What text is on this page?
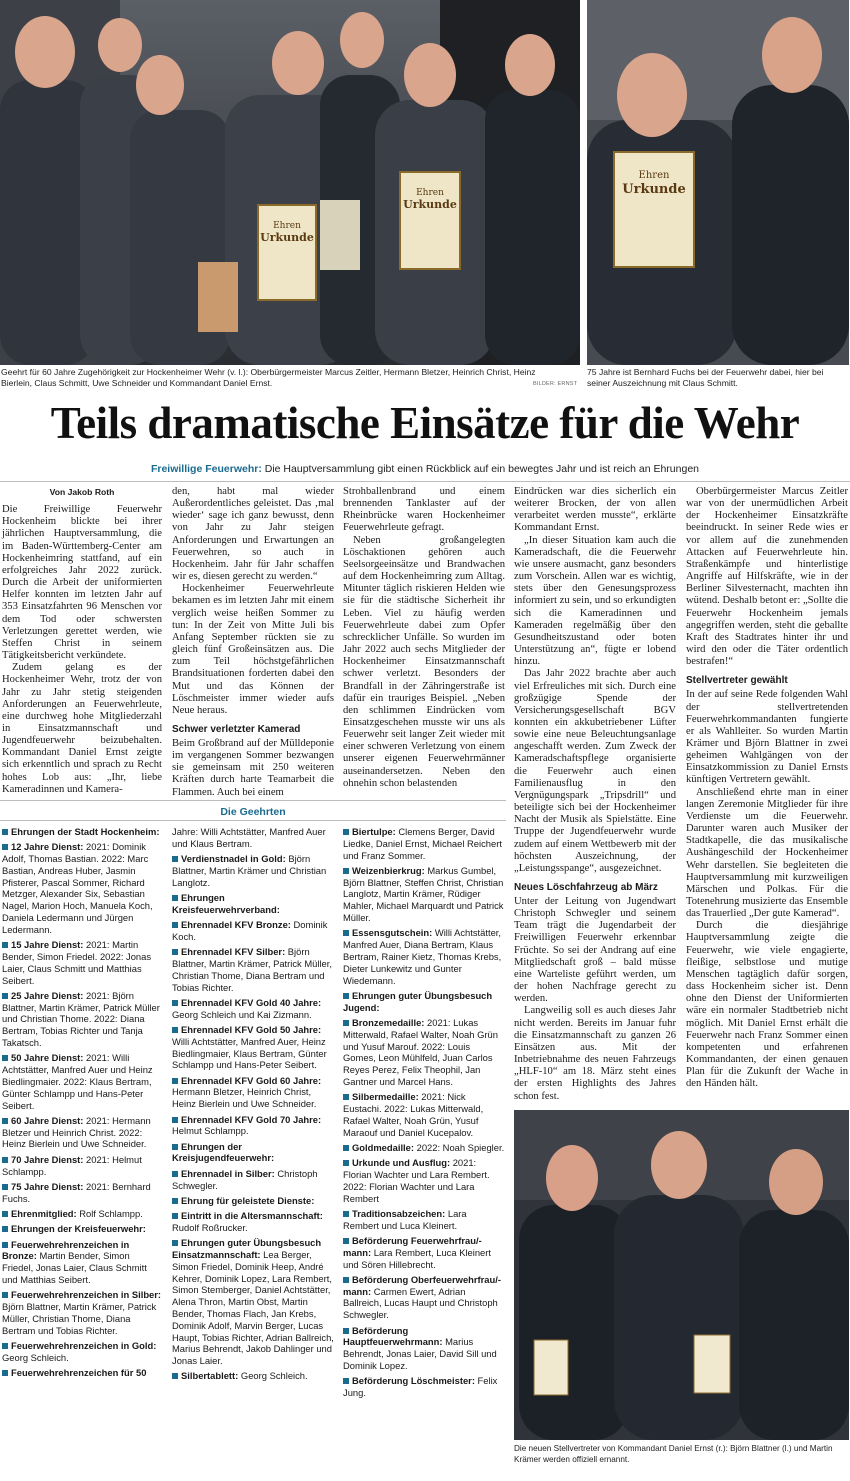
Ehren
Urkunde
Ehren
Urkunde
Geehrt für 60 Jahre Zugehörigkeit zur Hockenheimer Wehr (v. l.): Oberbürgermeister Marcus Zeitler, Hermann Bletzer, Heinrich Christ, Heinz Bierlein, Claus Schmitt, Uwe Schneider und Kommandant Daniel Ernst.	BILDER: ERNST
Ehren
Urkunde
75 Jahre ist Bernhard Fuchs bei der Feuerwehr dabei, hier bei seiner Auszeichnung mit Claus Schmitt.
Teils dramatische Einsätze für die Wehr
Freiwillige Feuerwehr: Die Hauptversammlung gibt einen Rückblick auf ein bewegtes Jahr und ist reich an Ehrungen
Von Jakob Roth

Die Freiwillige Feuerwehr Hockenheim blickte bei ihrer jährlichen Hauptversammlung, die im Baden-Württemberg-Center am Hockenheimring stattfand, auf ein erfolgreiches Jahr 2022 zurück. Durch die Arbeit der uniformierten Helfer konnten im letzten Jahr auf 353 Einsatzfahrten 96 Menschen vor dem Tod oder schwersten Verletzungen gerettet werden, wie Steffen Christ in seinem Tätigkeitsbericht verkündete.

Zudem gelang es der Hockenheimer Wehr, trotz der von Jahr zu Jahr stetig steigenden Anforderungen an Feuerwehrleute, eine durchweg hohe Mitgliederzahl in Einsatzmannschaft und Jugendfeuerwehr beizubehalten. Kommandant Daniel Ernst zeigte sich erkenntlich und sprach zu Recht hohes Lob aus: „Ihr, liebe Kameradinnen und Kamera-

den, habt mal wieder Außerordentliches geleistet. Das ‚mal wieder‘ sage ich ganz bewusst, denn von Jahr zu Jahr steigen Anforderungen und Erwartungen an Feuerwehren, so auch in Hockenheim. Jahr für Jahr schaffen wir es, diesen gerecht zu werden.“

Hockenheimer Feuerwehrleute bekamen es im letzten Jahr mit einem verglich weise heißen Sommer zu tun: In der Zeit von Mitte Juli bis Anfang September rückten sie zu gleich fünf Großeinsätzen aus. Die zum Teil höchstgefährlichen Brandsituationen forderten dabei den Mut und das Können der Löschmeister immer wieder aufs Neue heraus.

Schwer verletzter Kamerad

Beim Großbrand auf der Mülldeponie im vergangenen Sommer bezwangen sie gemeinsam mit 250 weiteren Kräften durch harte Teamarbeit die Flammen. Auch bei einem

Strohballenbrand und einem brennenden Tanklaster auf der Rheinbrücke waren Hockenheimer Feuerwehrleute gefragt.

Neben großangelegten Löschaktionen gehören auch Seelsorgeeinsätze und Brandwachen auf dem Hockenheimring zum Alltag. Mitunter täglich riskieren Helden wie sie für die städtische Sicherheit ihr Leben. Viel zu häufig werden Feuerwehrleute dabei zum Opfer schrecklicher Unfälle. So wurden im Jahr 2022 auch sechs Mitglieder der Hockenheimer Einsatzmannschaft schwer verletzt. Besonders der Brandfall in der Zähringerstraße ist dafür ein trauriges Beispiel. „Neben den schlimmen Eindrücken vom Einsatzgeschehen musste wir uns als Feuerwehr seit langer Zeit wieder mit einer schweren Verletzung von einem unserer eigenen Feuerwehrmänner auseinandersetzen. Neben den ohnehin schon belastenden

Eindrücken war dies sicherlich ein weiterer Brocken, der von allen verarbeitet werden musste“, erklärte Kommandant Ernst.

„In dieser Situation kam auch die Kameradschaft, die die Feuerwehr wie unsere ausmacht, ganz besonders zum Vorschein. Allen war es wichtig, stets über den Genesungsprozess informiert zu sein, und so erkundigten sich die Kameradinnen und Kameraden regelmäßig über den Gesundheitszustand oder boten Unterstützung an“, fügte er lobend hinzu.

Das Jahr 2022 brachte aber auch viel Erfreuliches mit sich. Durch eine großzügige Spende der Versicherungsgesellschaft BGV konnten ein akkubetriebener Lüfter sowie eine neue Beleuchtungsanlage angeschafft werden. Zum Zweck der Kameradschaftspflege organisierte die Feuerwehr auch einen Familienausflug in den Vergnügungspark „Tripsdrill“ und beteiligte sich bei der Hockenheimer Nacht der Musik als Spielstätte. Eine Truppe der Jugendfeuerwehr wurde zudem auf einem Wettbewerb mit der höchsten Auszeichnung, der „Leistungsspange“, ausgezeichnet.

Neues Löschfahrzeug ab März

Unter der Leitung von Jugendwart Christoph Schwegler und seinem Team trägt die Jugendarbeit der Freiwilligen Feuerwehr erkennbar Früchte. So sei der Andrang auf eine Mitgliedschaft groß – bald müsse eine Warteliste geführt werden, um der hohen Nachfrage gerecht zu werden.

Langweilig soll es auch dieses Jahr nicht werden. Bereits im Januar fuhr die Einsatzmannschaft zu ganzen 26 Einsätzen aus. Mit der Inbetriebnahme des neuen Fahrzeugs „HLF-10“ am 18. März steht eines der ersten Highlights des Jahres schon fest.

Oberbürgermeister Marcus Zeitler war von der unermüdlichen Arbeit der Hockenheimer Einsatzkräfte beeindruckt. In seiner Rede wies er vor allem auf die zunehmenden Attacken auf Feuerwehrleute hin. Straßenkämpfe und hinterlistige Angriffe auf Hilfskräfte, wie in der Berliner Silvesternacht, machten ihn wütend. Deshalb betont er: „Sollte die Feuerwehr Hockenheim jemals angegriffen werden, steht die geballte Kraft des Stadtrates hinter ihr und wird den oder die Täter ordentlich bestrafen!“

Stellvertreter gewählt

In der auf seine Rede folgenden Wahl der stellvertretenden Feuerwehrkommandanten fungierte er als Wahlleiter. So wurden Martin Krämer und Björn Blattner in zwei geheimen Wahlgängen von der Einsatzkommission zu Daniel Ernsts künftigen Vertretern gewählt.

Anschließend ehrte man in einer langen Zeremonie Mitglieder für ihre Verdienste um die Feuerwehr. Darunter waren auch Musiker der Stadtkapelle, die das musikalische Aushängeschild der Hockenheimer Wehr darstellen. Sie begleiteten die Hauptversammlung mit kurzweiligen Märschen und Polkas. Für die Totenehrung musizierte das Ensemble das Trauerlied „Der gute Kamerad“.

Durch die diesjährige Hauptversammlung zeigte die Feuerwehr, wie viele engagierte, fleißige, selbstlose und mutige Menschen tagtäglich dafür sorgen, dass Hockenheim sicher ist. Denn ohne den Dienst der Uniformierten wäre ein normaler Stadtbetrieb nicht möglich. Mit Daniel Ernst erhält die Feuerwehr nach Franz Sommer einen kompetenten und erfahrenen Kommandanten, der einen genauen Plan für die Zukunft der Wache in den Händen hält.

Die Geehrten
Ehrungen der Stadt Hockenheim:
12 Jahre Dienst: 2021: Dominik Adolf, Thomas Bastian. 2022: Marc Bastian, Andreas Huber, Jasmin Pfisterer, Pascal Sommer, Richard Metzger, Alexander Six, Sebastian Nagel, Marion Hoch, Manuela Koch, Daniela Ledermann und Jürgen Ledermann.
15 Jahre Dienst: 2021: Martin Bender, Simon Friedel. 2022: Jonas Laier, Claus Schmitt und Matthias Seibert.
25 Jahre Dienst: 2021: Björn Blattner, Martin Krämer, Patrick Müller und Christian Thome. 2022: Diana Bertram, Tobias Richter und Tanja Takatsch.
50 Jahre Dienst: 2021: Willi Achtstätter, Manfred Auer und Heinz Biedlingmaier. 2022: Klaus Bertram, Günter Schlampp und Hans-Peter Seibert.
60 Jahre Dienst: 2021: Hermann Bletzer und Heinrich Christ. 2022: Heinz Bierlein und Uwe Schneider.
70 Jahre Dienst: 2021: Helmut Schlampp.
75 Jahre Dienst: 2021: Bernhard Fuchs.
Ehrenmitglied: Rolf Schlampp.
Ehrungen der Kreisfeuerwehr:
Feuerwehrehrenzeichen in Bronze: Martin Bender, Simon Friedel, Jonas Laier, Claus Schmitt und Matthias Seibert.
Feuerwehrehrenzeichen in Silber: Björn Blattner, Martin Krämer, Patrick Müller, Christian Thome, Diana Bertram und Tobias Richter.
Feuerwehrehrenzeichen in Gold: Georg Schleich.
Feuerwehrehrenzeichen für 50
Jahre: Willi Achtstätter, Manfred Auer und Klaus Bertram.
Verdienstnadel in Gold: Björn Blattner, Martin Krämer und Christian Langlotz.
Ehrungen Kreisfeuerwehrverband:
Ehrennadel KFV Bronze: Dominik Koch.
Ehrennadel KFV Silber: Björn Blattner, Martin Krämer, Patrick Müller, Christian Thome, Diana Bertram und Tobias Richter.
Ehrennadel KFV Gold 40 Jahre: Georg Schleich und Kai Zizmann.
Ehrennadel KFV Gold 50 Jahre: Willi Achtstätter, Manfred Auer, Heinz Biedlingmaier, Klaus Bertram, Günter Schlampp und Hans-Peter Seibert.
Ehrennadel KFV Gold 60 Jahre: Hermann Bletzer, Heinrich Christ, Heinz Bierlein und Uwe Schneider.
Ehrennadel KFV Gold 70 Jahre: Helmut Schlampp.
Ehrungen der Kreisjugendfeuerwehr:
Ehrennadel in Silber: Christoph Schwegler.
Ehrung für geleistete Dienste:
Eintritt in die Altersmannschaft: Rudolf Roßrucker.
Ehrungen guter Übungsbesuch Einsatzmannschaft: Lea Berger, Simon Friedel, Dominik Heep, André Kehrer, Dominik Lopez, Lara Rembert, Simon Stemberger, Daniel Achtstätter, Alena Thron, Martin Obst, Martin Bender, Thomas Flach, Jan Krebs, Dominik Adolf, Marvin Berger, Lucas Haupt, Tobias Richter, Adrian Ballreich, Marius Behrendt, Jakob Dahlinger und Jonas Laier.
Silbertablett: Georg Schleich.
Biertulpe: Clemens Berger, David Liedke, Daniel Ernst, Michael Reichert und Franz Sommer.
Weizenbierkrug: Markus Gumbel, Björn Blattner, Steffen Christ, Christian Langlotz, Martin Krämer, Rüdiger Mahler, Michael Marquardt und Patrick Müller.
Essensgutschein: Willi Achtstätter, Manfred Auer, Diana Bertram, Klaus Bertram, Rainer Kietz, Thomas Krebs, Dieter Lunkewitz und Gunter Wiedemann.
Ehrungen guter Übungsbesuch Jugend:
Bronzemedaille: 2021: Lukas Mitterwald, Rafael Walter, Noah Grün und Yusuf Marouf. 2022: Louis Gomes, Leon Mühlfeld, Juan Carlos Reyes Perez, Felix Theophil, Jan Gantner und Marcel Hans.
Silbermedaille: 2021: Nick Eustachi. 2022: Lukas Mitterwald, Rafael Walter, Noah Grün, Yusuf Maraouf und Daniel Kucepalov.
Goldmedaille: 2022: Noah Spiegler.
Urkunde und Ausflug: 2021: Florian Wachter und Lara Rembert. 2022: Florian Wachter und Lara Rembert
Traditionsabzeichen: Lara Rembert und Luca Kleinert.
Beförderung Feuerwehrfrau/-mann: Lara Rembert, Luca Kleinert und Sören Hillebrecht.
Beförderung Oberfeuerwehrfrau/-mann: Carmen Ewert, Adrian Ballreich, Lucas Haupt und Christoph Schwegler.
Beförderung Hauptfeuerwehrmann: Marius Behrendt, Jonas Laier, David Sill und Dominik Lopez.
Beförderung Löschmeister: Felix Jung.
Die neuen Stellvertreter von Kommandant Daniel Ernst (r.): Björn Blattner (l.) und Martin Krämer werden offiziell ernannt.
